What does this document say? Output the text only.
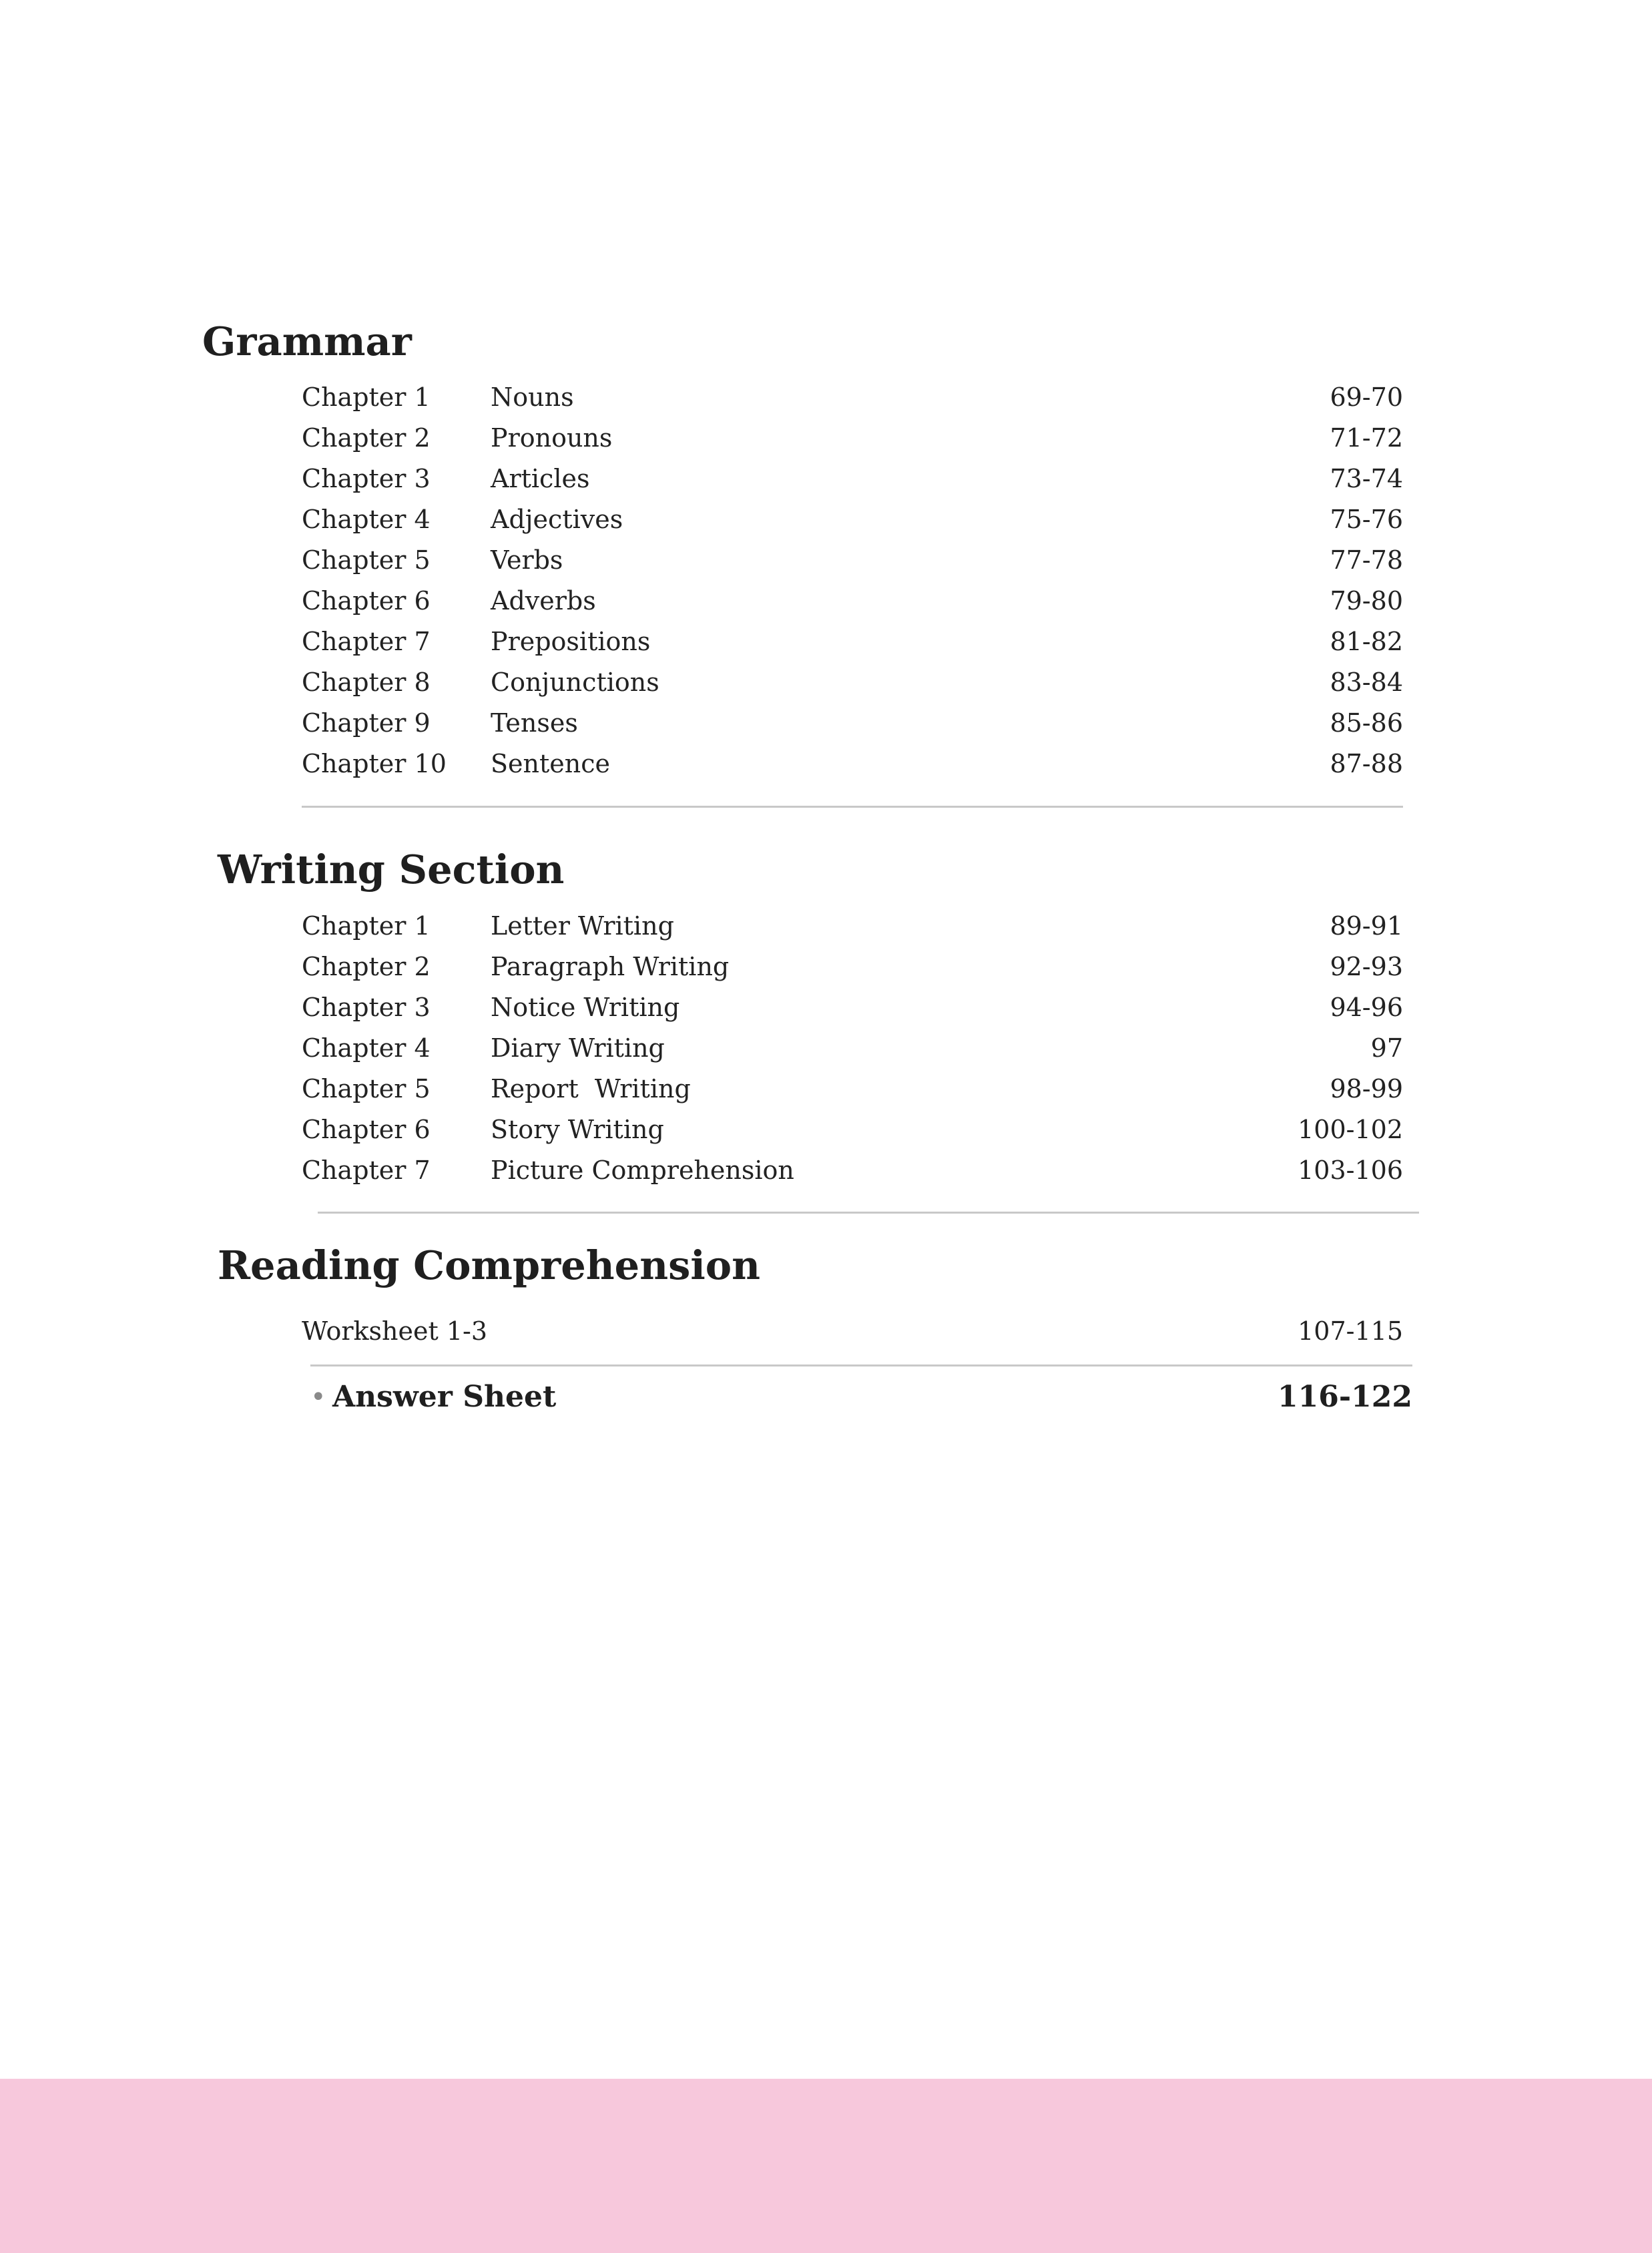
Grammar
Chapter 1 Nouns	69-70
Chapter 2 Pronouns	71-72
Chapter 3 Articles	73-74
Chapter 4 Adjectives	75-76
Chapter 5 Verbs	77-78
Chapter 6 Adverbs	79-80
Chapter 7 Prepositions	81-82
Chapter 8 Conjunctions	83-84
Chapter 9 Tenses	85-86
Chapter 10 Sentence	87-88
Writing Section
Chapter 1 Letter Writing	89-91
Chapter 2 Paragraph Writing	92-93
Chapter 3 Notice Writing	94-96
Chapter 4 Diary Writing	97
Chapter 5 Report  Writing	98-99
Chapter 6 Story Writing	100-102
Chapter 7 Picture Comprehension	103-106
Reading Comprehension
Worksheet 1-3	107-115
• Answer Sheet	116-122
